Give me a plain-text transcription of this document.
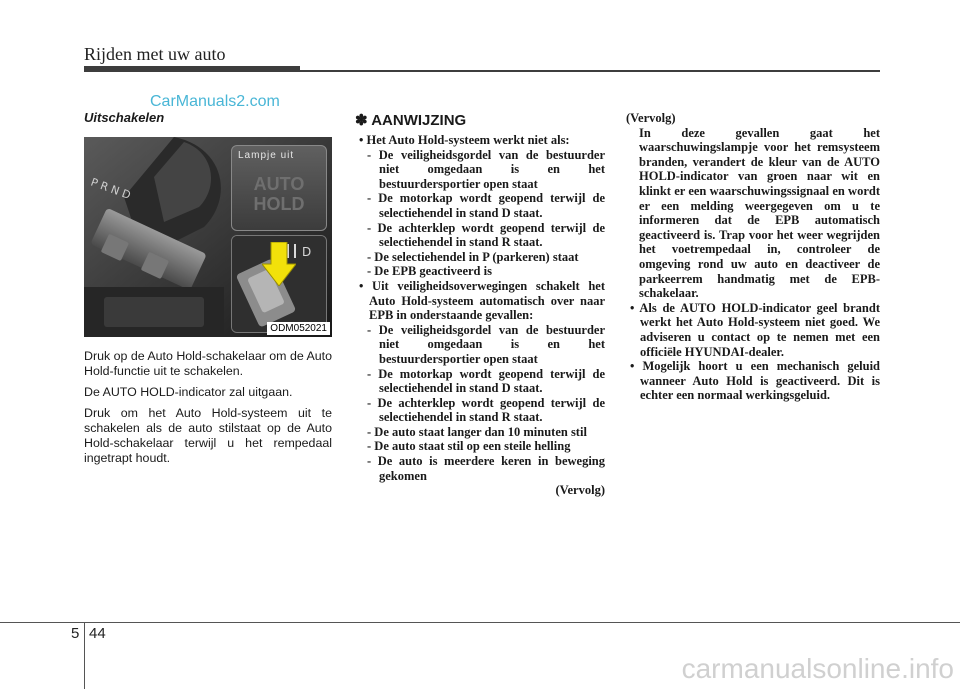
Rijden met uw auto
CarManuals2.com
Uitschakelen
P R N D
Lampje uit
AUTO
HOLD
D
ODM052021

Druk op de Auto Hold-schakelaar om de Auto Hold-functie uit te schakelen.

De AUTO HOLD-indicator zal uitgaan.

Druk om het Auto Hold-systeem uit te schakelen als de auto stilstaat op de Auto Hold-schakelaar terwijl u het rempedaal ingetrapt houdt.

✽ AANWIJZING
• Het Auto Hold-systeem werkt niet als:
- De veiligheidsgordel van de bestuurder niet omgedaan is en het bestuurdersportier open staat
- De motorkap wordt geopend terwijl de selectiehendel in stand D staat.
- De achterklep wordt geopend terwijl de selectiehendel in stand R staat.
- De selectiehendel in P (parkeren) staat
- De EPB geactiveerd is
• Uit veiligheidsoverwegingen schakelt het Auto Hold-systeem automatisch over naar EPB in onderstaande gevallen:
- De veiligheidsgordel van de bestuurder niet omgedaan is en het bestuurdersportier open staat
- De motorkap wordt geopend terwijl de selectiehendel in stand D staat.
- De achterklep wordt geopend terwijl de selectiehendel in stand R staat.
- De auto staat langer dan 10 minuten stil
- De auto staat stil op een steile helling
- De auto is meerdere keren in beweging gekomen
(Vervolg)
(Vervolg)
In deze gevallen gaat het waarschuwingslampje voor het remsysteem branden, verandert de kleur van de AUTO HOLD-indicator van groen naar wit en klinkt er een waarschuwingssignaal en wordt er een melding weergegeven om u te informeren dat de EPB automatisch geactiveerd is. Trap voor het weer wegrijden het voetrempedaal in, controleer de omgeving rond uw auto en deactiveer de parkeerrem handmatig met de EPB-schakelaar.
• Als de AUTO HOLD-indicator geel brandt werkt het Auto Hold-systeem niet goed. We adviseren u contact op te nemen met een officiële HYUNDAI-dealer.
• Mogelijk hoort u een mechanisch geluid wanneer Auto Hold is geactiveerd. Dit is echter een normaal werkingsgeluid.
5 44
carmanualsonline.info
